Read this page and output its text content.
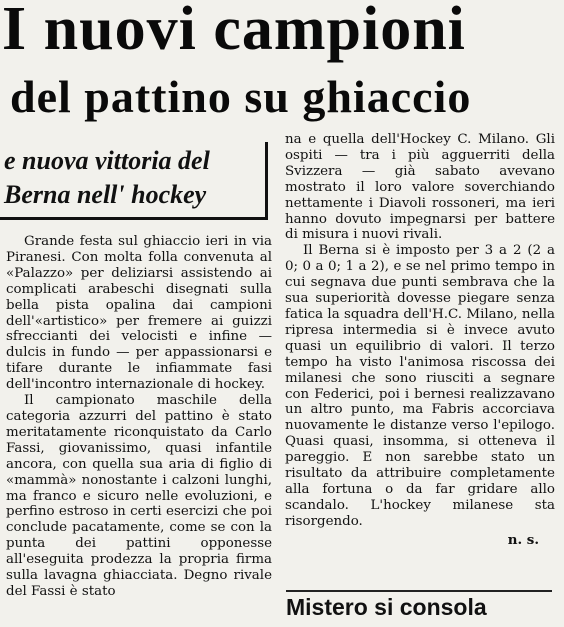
I nuovi campioni
del pattino su ghiaccio
e nuova vittoria del
Berna nell' hockey

Grande festa sul ghiaccio ieri in via Piranesi. Con molta folla convenuta al «Palazzo» per deliziarsi assistendo ai complicati arabeschi disegnati sulla bella pista opalina dai campioni dell'«artistico» per fremere ai guizzi sfreccianti dei velocisti e infine — dulcis in fundo — per appassionarsi e tifare durante le infiammate fasi dell'incontro internazionale di hockey.

Il campionato maschile della categoria azzurri del pattino è stato meritatamente riconquistato da Carlo Fassi, giovanissimo, quasi infantile ancora, con quella sua aria di figlio di «mammà» nonostante i calzoni lunghi, ma franco e sicuro nelle evoluzioni, e perfino estroso in certi esercizi che poi conclude pacatamente, come se con la punta dei pattini opponesse all'eseguita prodezza la propria firma sulla lavagna ghiacciata. Degno rivale del Fassi è stato

na e quella dell'Hockey C. Milano. Gli ospiti — tra i più agguerriti della Svizzera — già sabato avevano mostrato il loro valore soverchiando nettamente i Diavoli rossoneri, ma ieri hanno dovuto impegnarsi per battere di misura i nuovi rivali.

Il Berna si è imposto per 3 a 2 (2 a 0; 0 a 0; 1 a 2), e se nel primo tempo in cui segnava due punti sembrava che la sua superiorità dovesse piegare senza fatica la squadra dell'H.C. Milano, nella ripresa intermedia si è invece avuto quasi un equilibrio di valori. Il terzo tempo ha visto l'animosa riscossa dei milanesi che sono riusciti a segnare con Federici, poi i bernesi realizzavano un altro punto, ma Fabris accorciava nuovamente le distanze verso l'epilogo. Quasi quasi, insomma, si otteneva il pareggio. E non sarebbe stato un risultato da attribuire completamente alla fortuna o da far gridare allo scandalo. L'hockey milanese sta risorgendo.

n. s.

Mistero si consola
